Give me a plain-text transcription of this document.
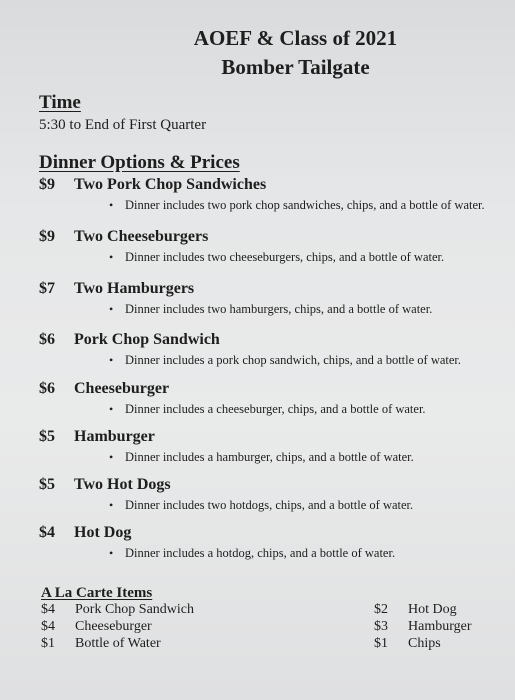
AOEF & Class of 2021
Bomber Tailgate
Time
5:30 to End of First Quarter
Dinner Options & Prices
$9 Two Pork Chop Sandwiches
• Dinner includes two pork chop sandwiches, chips, and a bottle of water.
$9 Two Cheeseburgers
• Dinner includes two cheeseburgers, chips, and a bottle of water.
$7 Two Hamburgers
• Dinner includes two hamburgers, chips, and a bottle of water.
$6 Pork Chop Sandwich
• Dinner includes a pork chop sandwich, chips, and a bottle of water.
$6 Cheeseburger
• Dinner includes a cheeseburger, chips, and a bottle of water.
$5 Hamburger
• Dinner includes a hamburger, chips, and a bottle of water.
$5 Two Hot Dogs
• Dinner includes two hotdogs, chips, and a bottle of water.
$4 Hot Dog
• Dinner includes a hotdog, chips, and a bottle of water.
A La Carte Items
$4 Pork Chop Sandwich
$4 Cheeseburger
$1 Bottle of Water
$2 Hot Dog
$3 Hamburger
$1 Chips
